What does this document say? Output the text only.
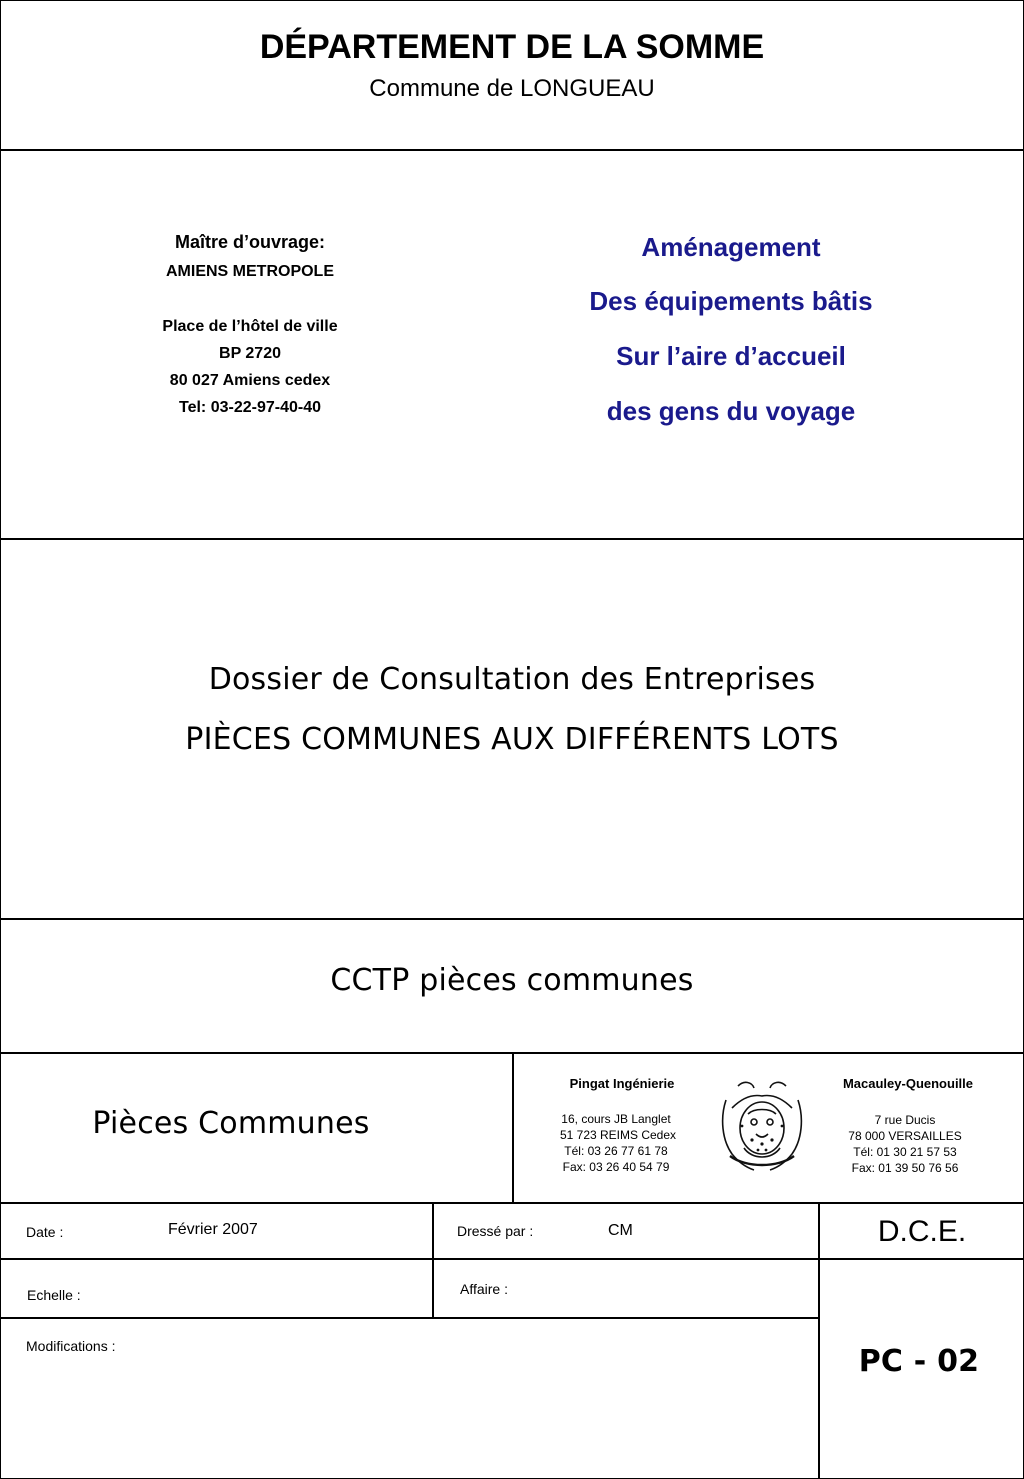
DÉPARTEMENT DE LA SOMME
Commune de LONGUEAU
Maître d’ouvrage:
AMIENS METROPOLE
Place de l’hôtel de ville
BP 2720
80 027 Amiens cedex
Tel: 03-22-97-40-40
Aménagement
Des équipements bâtis
Sur l’aire d’accueil
des gens du voyage
Dossier de Consultation des Entreprises
PIÈCES COMMUNES AUX DIFFÉRENTS LOTS
CCTP pièces communes
Pièces Communes
Pingat Ingénierie
16, cours JB Langlet
51 723 REIMS Cedex
Tél: 03 26 77 61 78
Fax: 03 26 40 54 79
Macauley-Quenouille
7 rue Ducis
78 000 VERSAILLES
Tél: 01 30 21 57 53
Fax: 01 39 50 76 56
Date :	Février 2007	Dressé par :	CM	D.C.E.
Echelle :	Affaire :
Modifications :	PC - 02
